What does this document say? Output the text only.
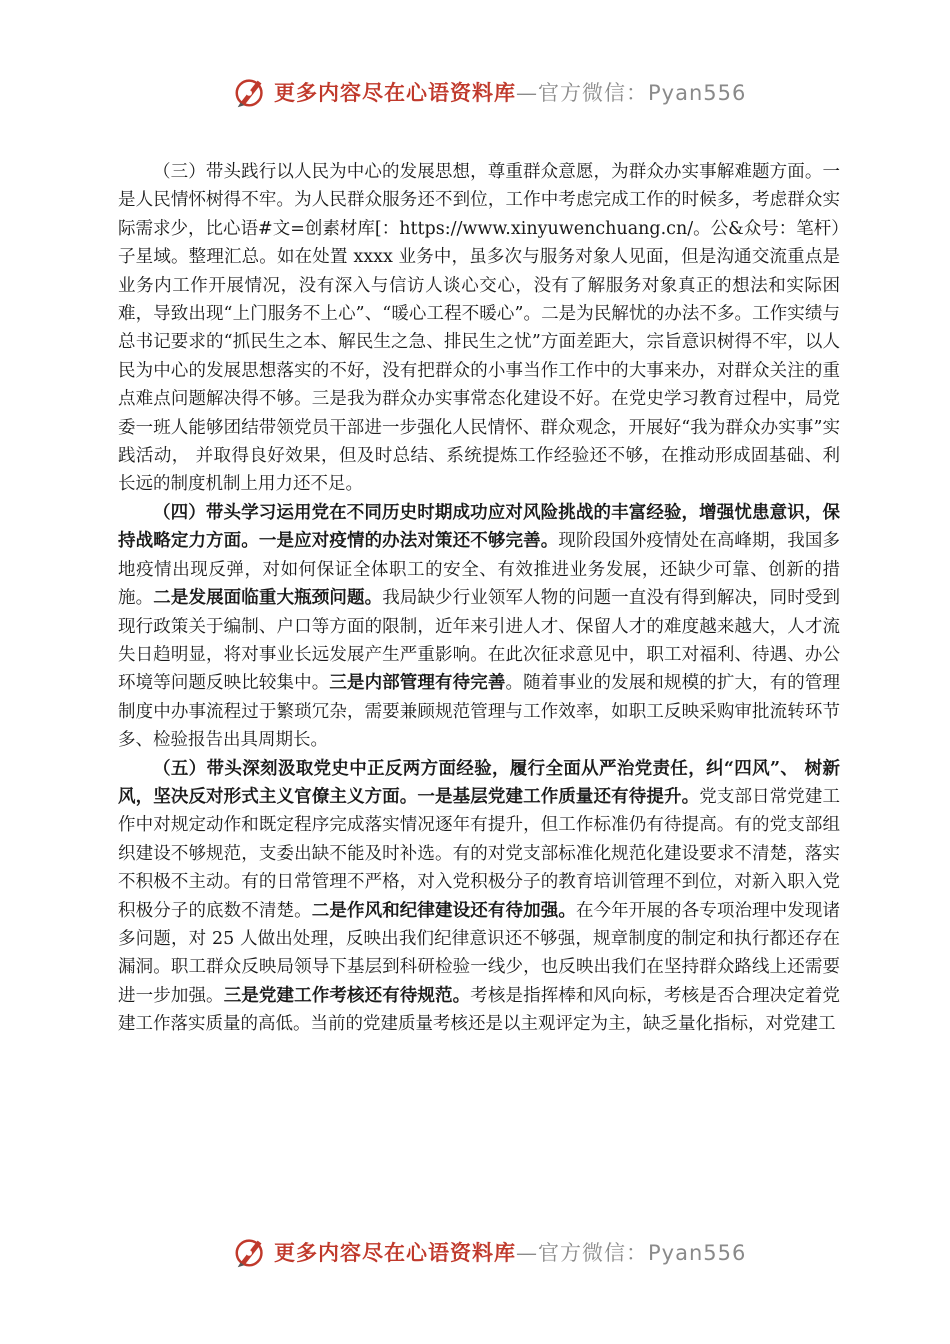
更多内容尽在心语资料库—官方微信：Pyan556

（三）带头践行以人民为中心的发展思想，尊重群众意愿，为群众办实事解难题方面。一是人民情怀树得不牢。为人民群众服务还不到位，工作中考虑完成工作的时候多，考虑群众实际需求少，比心语#文=创素材库[：https://www.xinyuwenchuang.cn/。公&众号：笔杆）子星域。整理汇总。如在处置 xxxx 业务中，虽多次与服务对象人见面，但是沟通交流重点是业务内工作开展情况，没有深入与信访人谈心交心，没有了解服务对象真正的想法和实际困难，导致出现“上门服务不上心”、“暖心工程不暖心”。二是为民解忧的办法不多。工作实绩与总书记要求的“抓民生之本、解民生之急、排民生之忧”方面差距大，宗旨意识树得不牢，以人民为中心的发展思想落实的不好，没有把群众的小事当作工作中的大事来办，对群众关注的重点难点问题解决得不够。三是我为群众办实事常态化建设不好。在党史学习教育过程中，局党委一班人能够团结带领党员干部进一步强化人民情怀、群众观念，开展好“我为群众办实事”实践活动， 并取得良好效果，但及时总结、系统提炼工作经验还不够，在推动形成固基础、利长远的制度机制上用力还不足。

（四）带头学习运用党在不同历史时期成功应对风险挑战的丰富经验，增强忧患意识，保持战略定力方面。一是应对疫情的办法对策还不够完善。现阶段国外疫情处在高峰期，我国多地疫情出现反弹，对如何保证全体职工的安全、有效推进业务发展，还缺少可靠、创新的措施。二是发展面临重大瓶颈问题。我局缺少行业领军人物的问题一直没有得到解决，同时受到现行政策关于编制、户口等方面的限制，近年来引进人才、保留人才的难度越来越大，人才流失日趋明显，将对事业长远发展产生严重影响。在此次征求意见中，职工对福利、待遇、办公环境等问题反映比较集中。三是内部管理有待完善。随着事业的发展和规模的扩大，有的管理制度中办事流程过于繁琐冗杂，需要兼顾规范管理与工作效率，如职工反映采购审批流转环节多、检验报告出具周期长。

（五）带头深刻汲取党史中正反两方面经验，履行全面从严治党责任，纠“四风”、 树新风，坚决反对形式主义官僚主义方面。一是基层党建工作质量还有待提升。党支部日常党建工作中对规定动作和既定程序完成落实情况逐年有提升，但工作标准仍有待提高。有的党支部组织建设不够规范，支委出缺不能及时补选。有的对党支部标准化规范化建设要求不清楚，落实不积极不主动。有的日常管理不严格，对入党积极分子的教育培训管理不到位，对新入职入党积极分子的底数不清楚。二是作风和纪律建设还有待加强。在今年开展的各专项治理中发现诸多问题，对 25 人做出处理，反映出我们纪律意识还不够强，规章制度的制定和执行都还存在漏洞。职工群众反映局领导下基层到科研检验一线少，也反映出我们在坚持群众路线上还需要进一步加强。三是党建工作考核还有待规范。考核是指挥棒和风向标，考核是否合理决定着党建工作落实质量的高低。当前的党建质量考核还是以主观评定为主，缺乏量化指标，对党建工

更多内容尽在心语资料库—官方微信：Pyan556
